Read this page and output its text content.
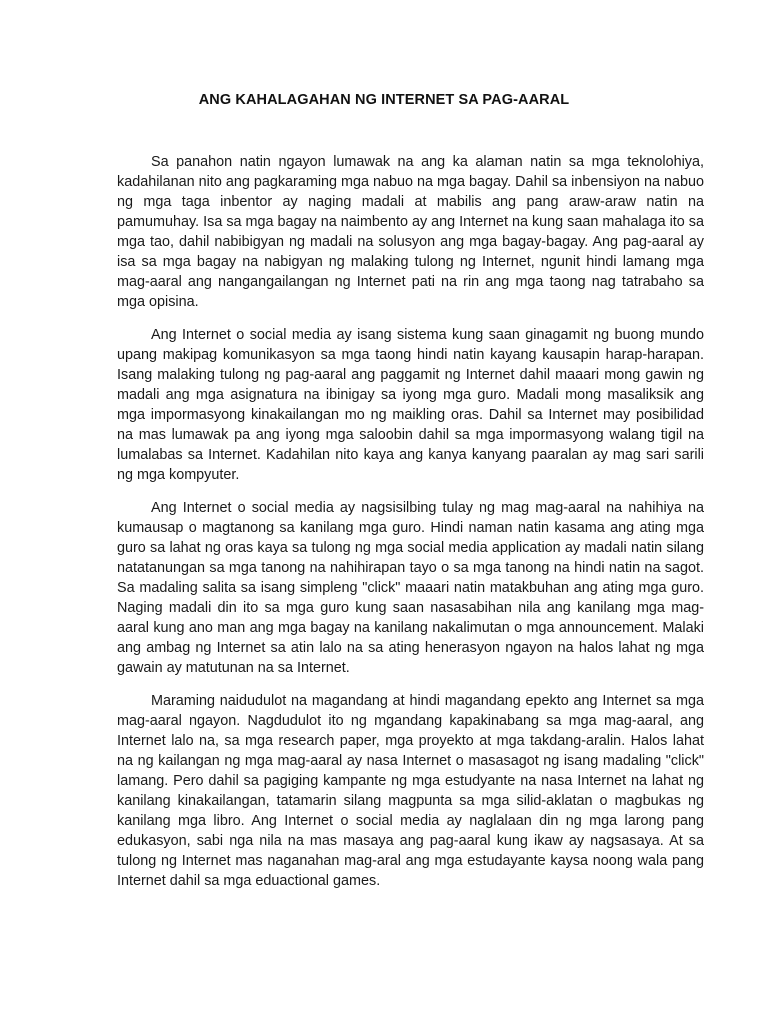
ANG KAHALAGAHAN NG INTERNET SA PAG-AARAL

Sa panahon natin ngayon lumawak na ang ka alaman natin sa mga teknolohiya, kadahilanan nito ang pagkaraming mga nabuo na mga bagay. Dahil sa inbensiyon na nabuo ng mga taga inbentor ay naging madali at mabilis ang pang araw-araw natin na pamumuhay. Isa sa mga bagay na naimbento ay ang Internet na kung saan mahalaga ito sa mga tao, dahil nabibigyan ng madali na solusyon ang mga bagay-bagay. Ang pag-aaral ay isa sa mga bagay na nabigyan ng malaking tulong ng Internet, ngunit hindi lamang mga mag-aaral ang nangangailangan ng Internet pati na rin ang mga taong nag tatrabaho sa mga opisina.

Ang Internet o social media ay isang sistema kung saan ginagamit ng buong mundo upang makipag komunikasyon sa mga taong hindi natin kayang kausapin harap-harapan. Isang malaking tulong ng pag-aaral ang paggamit ng Internet dahil maaari mong gawin ng madali ang mga asignatura na ibinigay sa iyong mga guro. Madali mong masaliksik ang mga impormasyong kinakailangan mo ng maikling oras. Dahil sa Internet may posibilidad na mas lumawak pa ang iyong mga saloobin dahil sa mga impormasyong walang tigil na lumalabas sa Internet. Kadahilan nito kaya ang kanya kanyang paaralan ay mag sari sarili ng mga kompyuter.

Ang Internet o social media ay nagsisilbing tulay ng mag mag-aaral na nahihiya na kumausap o magtanong sa kanilang mga guro. Hindi naman natin kasama ang ating mga guro sa lahat ng oras kaya sa tulong ng mga social media application ay madali natin silang natatanungan sa mga tanong na nahihirapan tayo o sa mga tanong na hindi natin na sagot. Sa madaling salita sa isang simpleng "click" maaari natin matakbuhan ang ating mga guro. Naging madali din ito sa mga guro kung saan nasasabihan nila ang kanilang mga mag-aaral kung ano man ang mga bagay na kanilang nakalimutan o mga announcement. Malaki ang ambag ng Internet sa atin lalo na sa ating henerasyon ngayon na halos lahat ng mga gawain ay matutunan na sa Internet.

Maraming naidudulot na magandang at hindi magandang epekto ang Internet sa mga mag-aaral ngayon. Nagdudulot ito ng mgandang kapakinabang sa mga mag-aaral, ang Internet lalo na, sa mga research paper, mga proyekto at mga takdang-aralin. Halos lahat na ng kailangan ng mga mag-aaral ay nasa Internet o masasagot ng isang madaling "click" lamang. Pero dahil sa pagiging kampante ng mga estudyante na nasa Internet na lahat ng kanilang kinakailangan, tatamarin silang magpunta sa mga silid-aklatan o magbukas ng kanilang mga libro. Ang Internet o social media ay naglalaan din ng mga larong pang edukasyon, sabi nga nila na mas masaya ang pag-aaral kung ikaw ay nagsasaya. At sa tulong ng Internet mas naganahan mag-aral ang mga estudayante kaysa noong wala pang Internet dahil sa mga eduactional games.
